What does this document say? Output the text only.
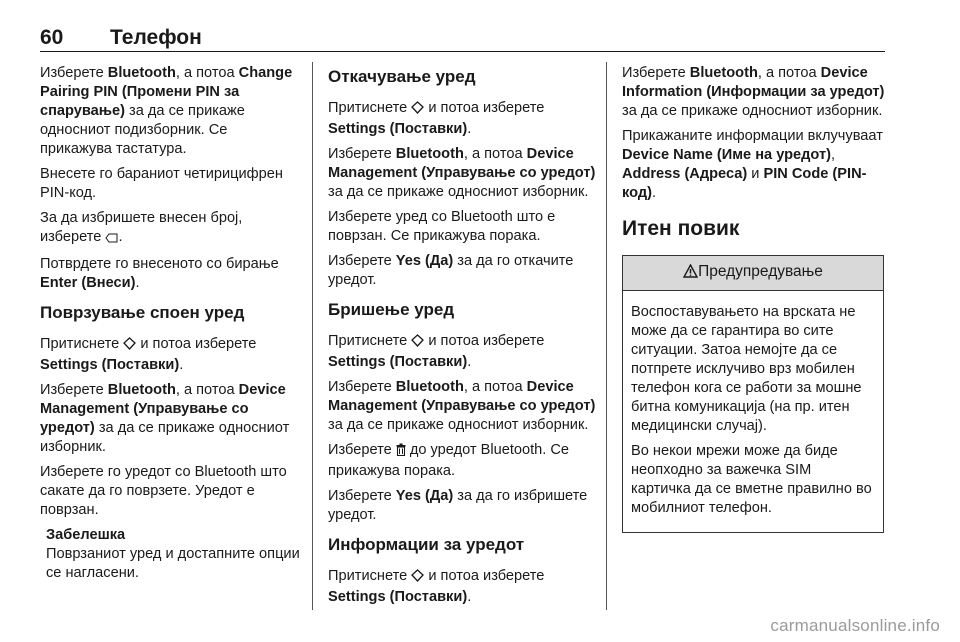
60 Телефон

Изберете Bluetooth, а потоа Change Pairing PIN (Промени PIN за спарување) за да се прикаже односниот подизборник. Се прикажува тастатура.

Внесете го бараниот четирицифрен PIN-код.

За да избришете внесен број, изберете .

Потврдете го внесеното со бирање Enter (Внеси).

Поврзување споен уред

Притиснете  и потоа изберете Settings (Поставки).

Изберете Bluetooth, а потоа Device Management (Управување со уредот) за да се прикаже односниот изборник.

Изберете го уредот со Bluetooth што сакате да го поврзете. Уредот е поврзан.

Забелешка
Поврзаниот уред и достапните опции се нагласени.
Откачување уред

Притиснете  и потоа изберете Settings (Поставки).

Изберете Bluetooth, а потоа Device Management (Управување со уредот) за да се прикаже односниот изборник.

Изберете уред со Bluetooth што е поврзан. Се прикажува порака.

Изберете Yes (Да) за да го откачите уредот.

Бришење уред

Притиснете  и потоа изберете Settings (Поставки).

Изберете Bluetooth, а потоа Device Management (Управување со уредот) за да се прикаже односниот изборник.

Изберете  до уредот Bluetooth. Се прикажува порака.

Изберете Yes (Да) за да го избришете уредот.

Информации за уредот

Притиснете  и потоа изберете Settings (Поставки).

Изберете Bluetooth, а потоа Device Information (Информации за уредот) за да се прикаже односниот изборник.

Прикажаните информации вклучуваат Device Name (Име на уредот), Address (Адреса) и PIN Code (PIN-код).

Итен повик
Предупредување

Воспоставувањето на врската не може да се гарантира во сите ситуации. Затоа немојте да се потпрете исклучиво врз мобилен телефон кога се работи за мошне битна комуникација (на пр. итен медицински случај).

Во некои мрежи може да биде неопходно за важечка SIM картичка да се вметне правилно во мобилниот телефон.

carmanualsonline.info
